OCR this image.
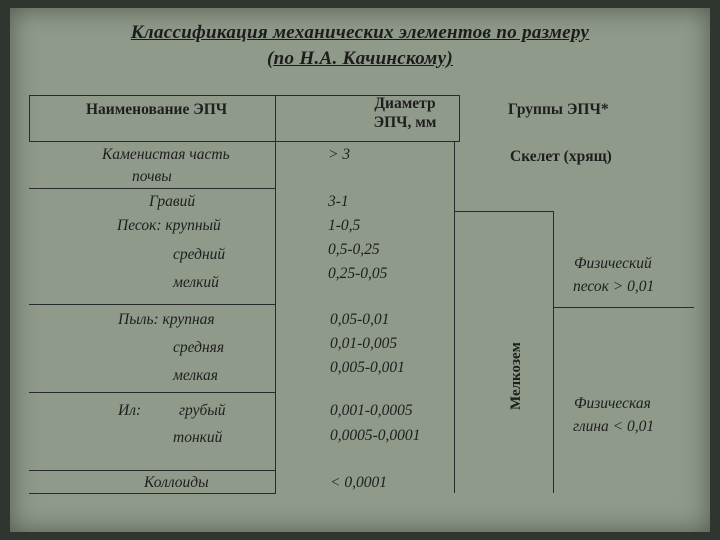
Классификация механических элементов по размеру
(по Н.А. Качинскому)
Наименование ЭПЧ	Диаметр
ЭПЧ, мм
Группы ЭПЧ*
Каменистая часть
почвы
Гравий
Песок: крупный
средний
мелкий
Пыль: крупная
средняя
мелкая
Ил: грубый
тонкий
Коллоиды
> 3
3-1
1-0,5
0,5-0,25
0,25-0,05
0,05-0,01
0,01-0,005
0,005-0,001
0,001-0,0005
0,0005-0,0001
< 0,0001
Скелет (хрящ)
Мелкозем
Физический
песок > 0,01
Физическая
глина < 0,01
